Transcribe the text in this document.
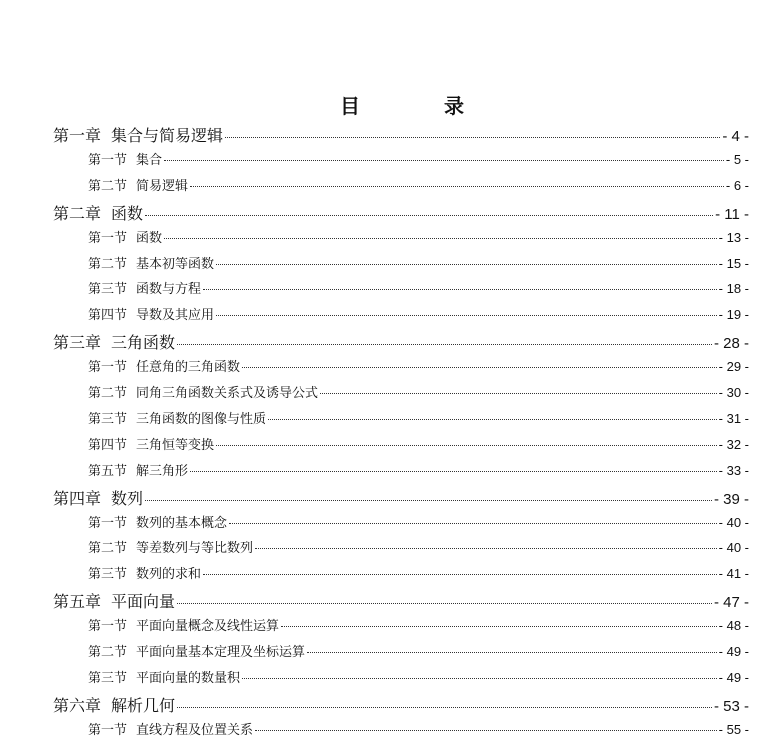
目	录
第一章 集合与简易逻辑	- 4 -
第一节 集合	- 5 -
第二节 简易逻辑	- 6 -
第二章 函数	- 11 -
第一节 函数	- 13 -
第二节 基本初等函数	- 15 -
第三节 函数与方程	- 18 -
第四节 导数及其应用	- 19 -
第三章 三角函数	- 28 -
第一节 任意角的三角函数	- 29 -
第二节 同角三角函数关系式及诱导公式	- 30 -
第三节 三角函数的图像与性质	- 31 -
第四节 三角恒等变换	- 32 -
第五节 解三角形	- 33 -
第四章 数列	- 39 -
第一节 数列的基本概念	- 40 -
第二节 等差数列与等比数列	- 40 -
第三节 数列的求和	- 41 -
第五章 平面向量	- 47 -
第一节 平面向量概念及线性运算	- 48 -
第二节 平面向量基本定理及坐标运算	- 49 -
第三节 平面向量的数量积	- 49 -
第六章 解析几何	- 53 -
第一节 直线方程及位置关系	- 55 -
